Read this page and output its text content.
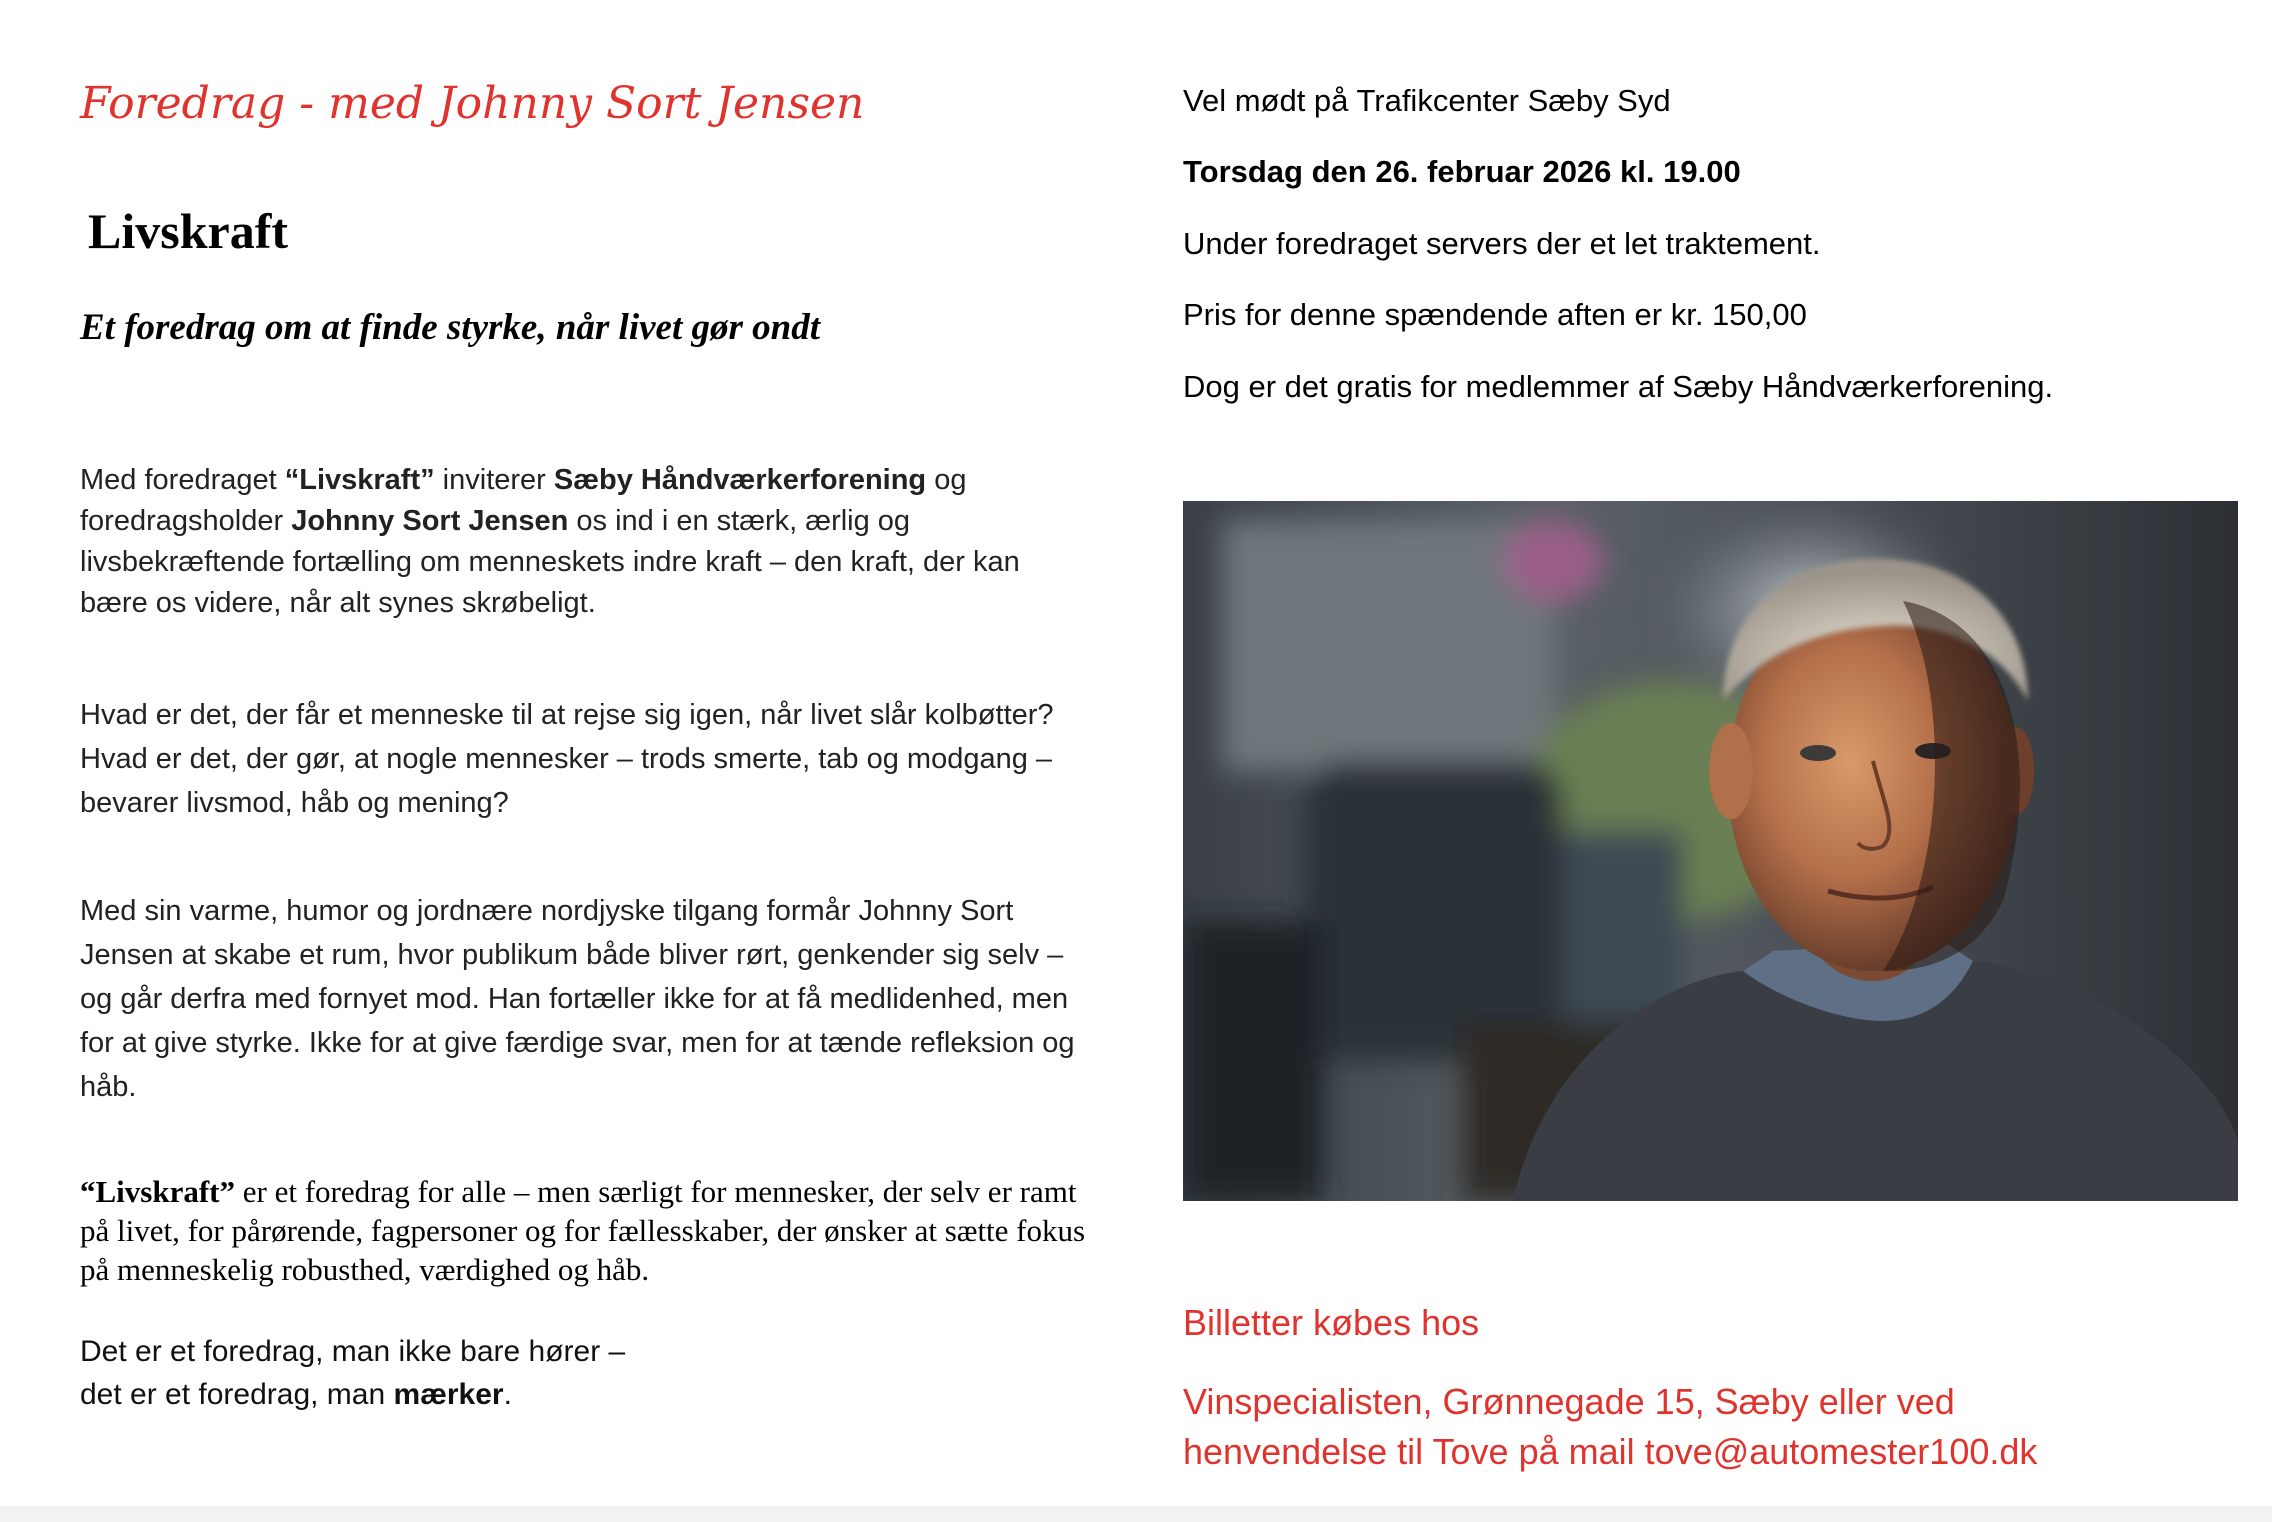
Foredrag - med Johnny Sort Jensen
Livskraft
Et foredrag om at finde styrke, når livet gør ondt

Med foredraget “Livskraft” inviterer Sæby Håndværkerforening og foredragsholder Johnny Sort Jensen os ind i en stærk, ærlig og livsbekræftende fortælling om menneskets indre kraft – den kraft, der kan bære os videre, når alt synes skrøbeligt.

Hvad er det, der får et menneske til at rejse sig igen, når livet slår kolbøtter? Hvad er det, der gør, at nogle mennesker – trods smerte, tab og modgang – bevarer livsmod, håb og mening?

Med sin varme, humor og jordnære nordjyske tilgang formår Johnny Sort Jensen at skabe et rum, hvor publikum både bliver rørt, genkender sig selv – og går derfra med fornyet mod. Han fortæller ikke for at få medlidenhed, men for at give styrke. Ikke for at give færdige svar, men for at tænde refleksion og håb.

“Livskraft” er et foredrag for alle – men særligt for mennesker, der selv er ramt på livet, for pårørende, fagpersoner og for fællesskaber, der ønsker at sætte fokus på menneskelig robusthed, værdighed og håb.

Det er et foredrag, man ikke bare hører –
det er et foredrag, man mærker.

Vel mødt på Trafikcenter Sæby Syd
Torsdag den 26. februar 2026 kl. 19.00
Under foredraget servers der et let traktement.
Pris for denne spændende aften er kr. 150,00
Dog er det gratis for medlemmer af Sæby Håndværkerforening.
Billetter købes hos
Vinspecialisten, Grønnegade 15, Sæby eller ved
henvendelse til Tove på mail tove@automester100.dk
